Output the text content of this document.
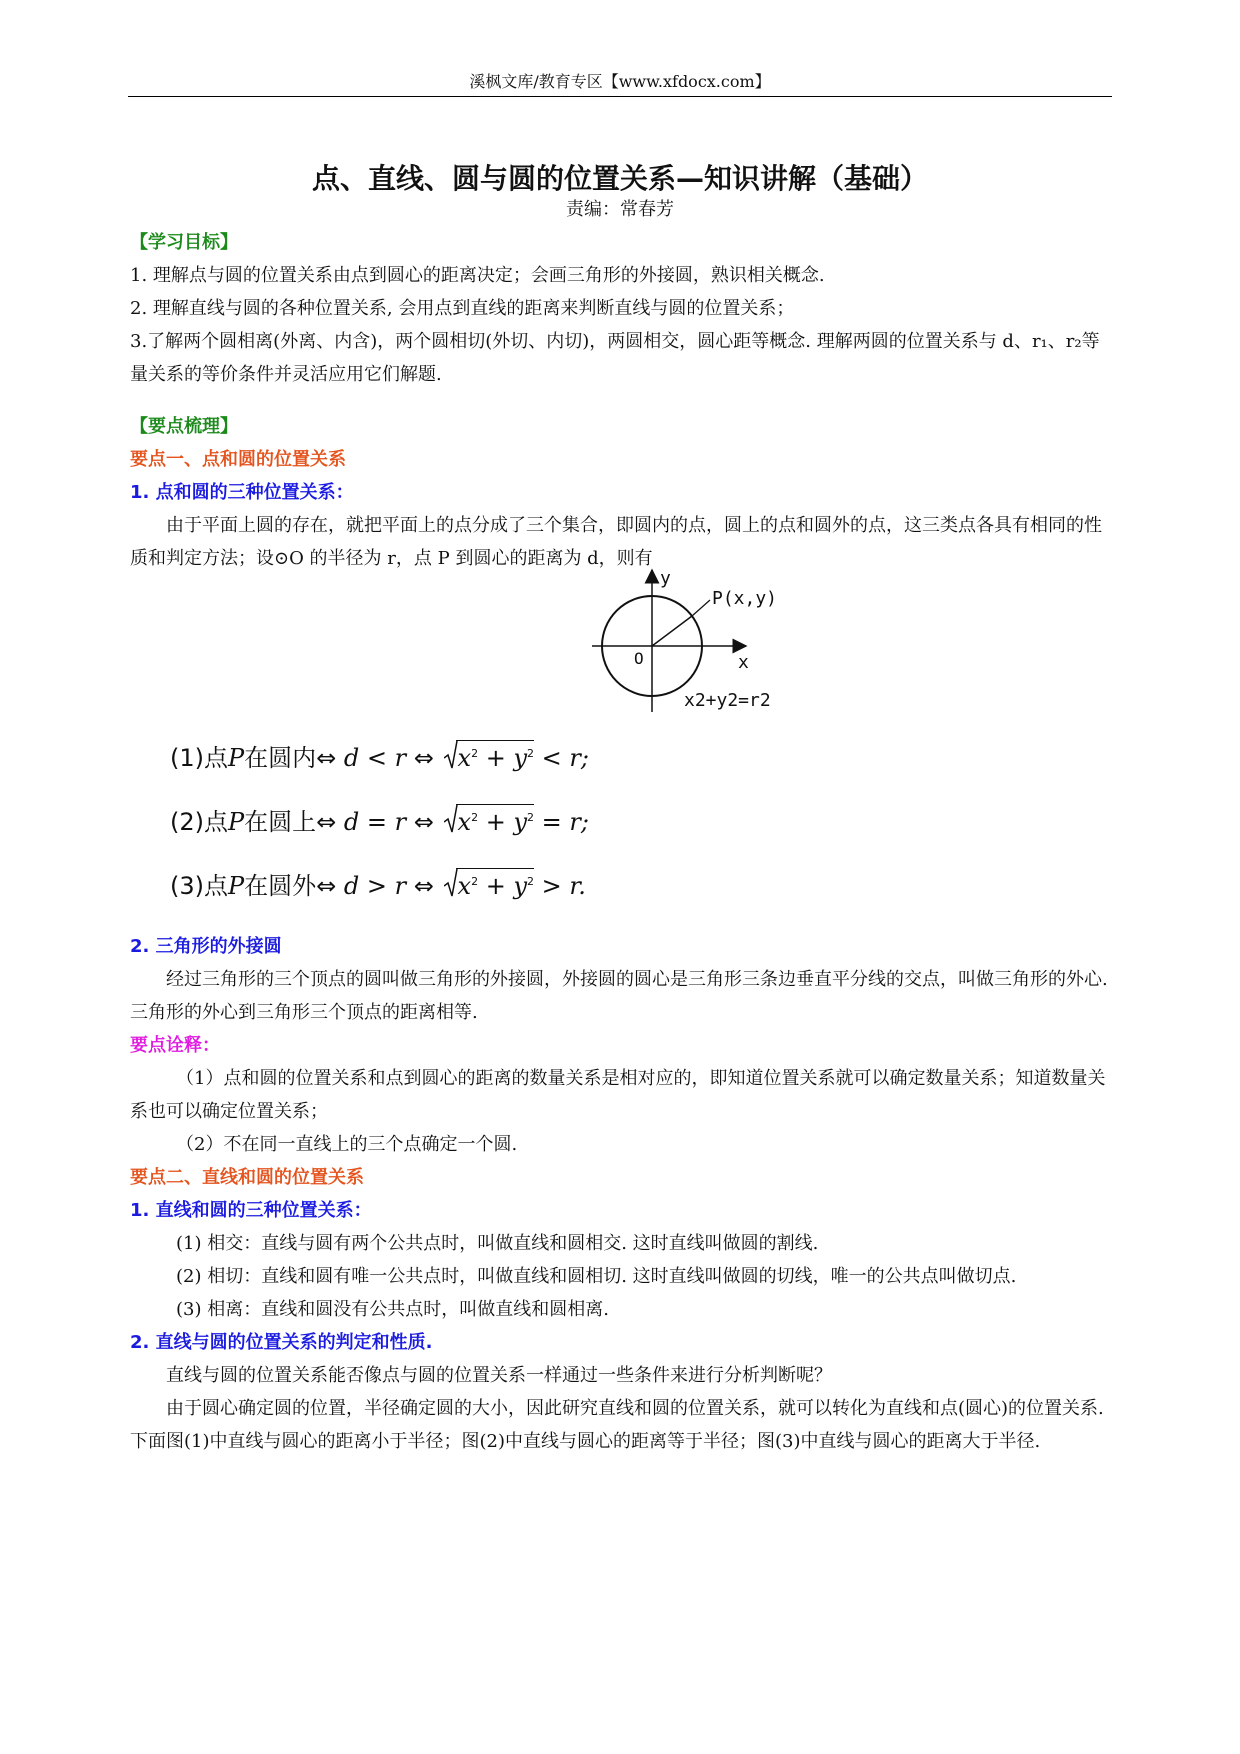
溪枫文库/教育专区【www.xfdocx.com】
点、直线、圆与圆的位置关系—知识讲解（基础）
责编：常春芳

【学习目标】

1. 理解点与圆的位置关系由点到圆心的距离决定；会画三角形的外接圆，熟识相关概念.

2. 理解直线与圆的各种位置关系, 会用点到直线的距离来判断直线与圆的位置关系；

3.了解两个圆相离(外离、内含)，两个圆相切(外切、内切)，两圆相交，圆心距等概念. 理解两圆的位置关系与 d、r₁、r₂等量关系的等价条件并灵活应用它们解题.

【要点梳理】

要点一、点和圆的位置关系

1. 点和圆的三种位置关系：

由于平面上圆的存在，就把平面上的点分成了三个集合，即圆内的点，圆上的点和圆外的点，这三类点各具有相同的性质和判定方法；设⊙O 的半径为 r，点 P 到圆心的距离为 d，则有

y
x
O
P(x,y)
x2+y2=r2
(1)点P在圆内⇔ d < r ⇔ $x^2 + y^2 < r$;
(2)点P在圆上⇔ d = r ⇔ $x^2 + y^2 = r$;
(3)点P在圆外⇔ d > r ⇔ $x^2 + y^2 > r$.

2. 三角形的外接圆

经过三角形的三个顶点的圆叫做三角形的外接圆，外接圆的圆心是三角形三条边垂直平分线的交点，叫做三角形的外心. 三角形的外心到三角形三个顶点的距离相等.

要点诠释：

（1）点和圆的位置关系和点到圆心的距离的数量关系是相对应的，即知道位置关系就可以确定数量关系；知道数量关系也可以确定位置关系；

（2）不在同一直线上的三个点确定一个圆.

要点二、直线和圆的位置关系

1. 直线和圆的三种位置关系：

(1) 相交：直线与圆有两个公共点时，叫做直线和圆相交. 这时直线叫做圆的割线.

(2) 相切：直线和圆有唯一公共点时，叫做直线和圆相切. 这时直线叫做圆的切线，唯一的公共点叫做切点.

(3) 相离：直线和圆没有公共点时，叫做直线和圆相离.

2. 直线与圆的位置关系的判定和性质.

直线与圆的位置关系能否像点与圆的位置关系一样通过一些条件来进行分析判断呢？

由于圆心确定圆的位置，半径确定圆的大小，因此研究直线和圆的位置关系，就可以转化为直线和点(圆心)的位置关系. 下面图(1)中直线与圆心的距离小于半径；图(2)中直线与圆心的距离等于半径；图(3)中直线与圆心的距离大于半径.
